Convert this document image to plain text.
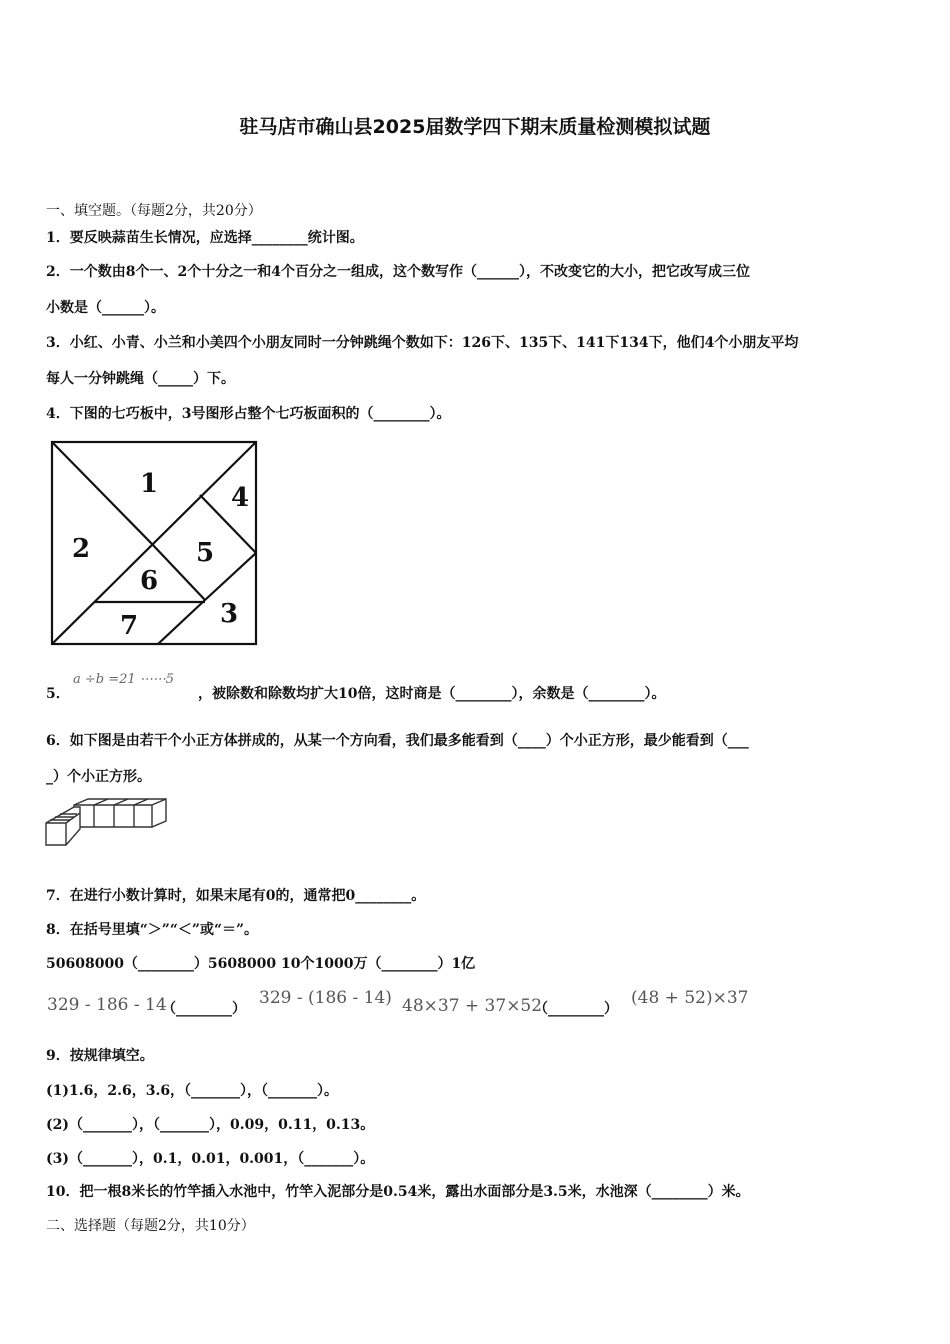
驻马店市确山县2025届数学四下期末质量检测模拟试题
一、填空题。（每题2分，共20分）
1．要反映蒜苗生长情况，应选择________统计图。
2．一个数由8个一、2个十分之一和4个百分之一组成，这个数写作（______），不改变它的大小，把它改写成三位
小数是（______）。
3．小红、小青、小兰和小美四个小朋友同时一分钟跳绳个数如下：126下、135下、141下134下，他们4个小朋友平均
每人一分钟跳绳（_____）下。
4．下图的七巧板中，3号图形占整个七巧板面积的（________）。
1
2
3
4
5
6
7
5．
a ÷b =21 ⋯⋯5
，被除数和除数均扩大10倍，这时商是（________），余数是（________）。
6．如下图是由若干个小正方体拼成的，从某一个方向看，我们最多能看到（____）个小正方形，最少能看到（___
_）个小正方形。
7．在进行小数计算时，如果末尾有0的，通常把0________。
8．在括号里填“＞”“＜”或“＝”。
50608000（________）5608000 10个1000万（________）1亿
329 - 186 - 14
（________）
329 - (186 - 14) 48×37 + 37×52
（________）
(48 + 52)×37
9．按规律填空。
(1)1.6，2.6，3.6，（_______），（_______）。
(2)（_______），（_______），0.09，0.11，0.13。
(3)（_______），0.1，0.01，0.001，（_______）。
10．把一根8米长的竹竿插入水池中，竹竿入泥部分是0.54米，露出水面部分是3.5米，水池深（________）米。
二、选择题（每题2分，共10分）
